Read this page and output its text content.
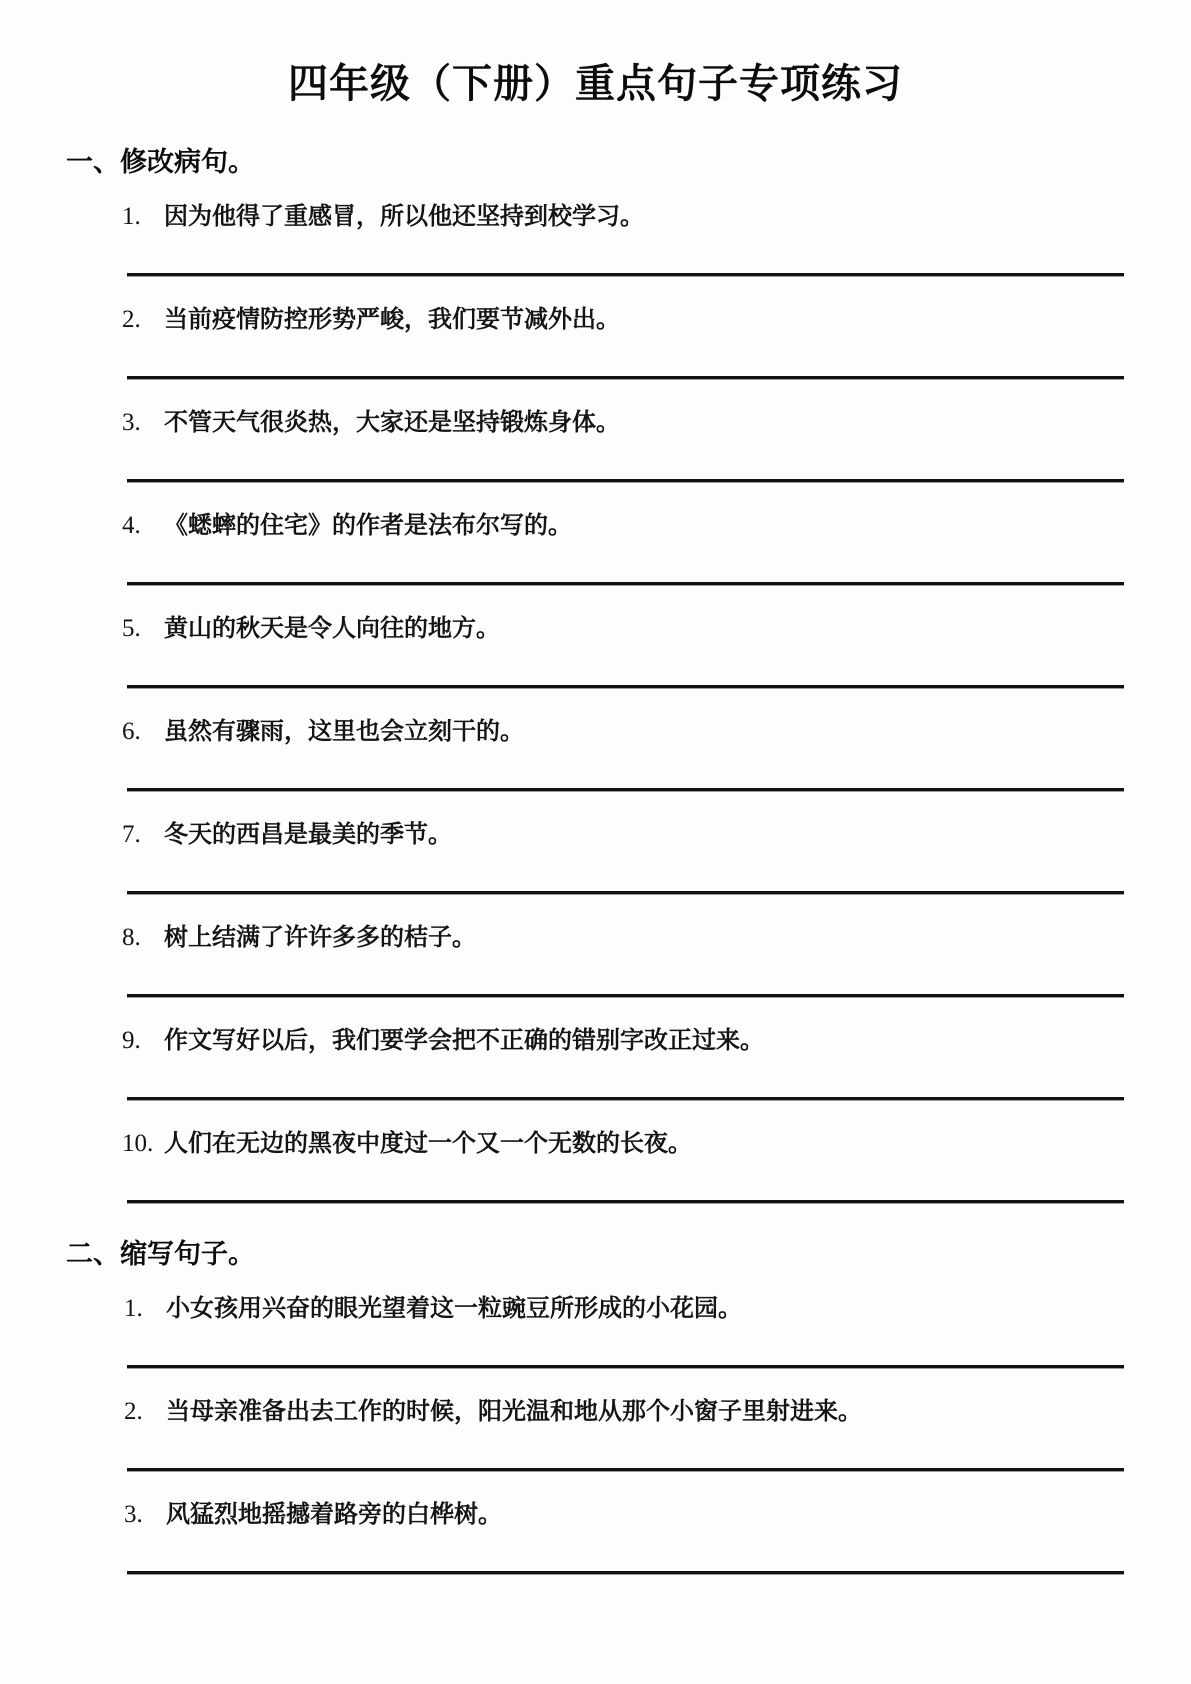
四年级（下册）重点句子专项练习
一、修改病句。
1. 因为他得了重感冒，所以他还坚持到校学习。
2. 当前疫情防控形势严峻，我们要节减外出。
3. 不管天气很炎热，大家还是坚持锻炼身体。
4. 《蟋蟀的住宅》的作者是法布尔写的。
5. 黄山的秋天是令人向往的地方。
6. 虽然有骤雨，这里也会立刻干的。
7. 冬天的西昌是最美的季节。
8. 树上结满了许许多多的桔子。
9. 作文写好以后，我们要学会把不正确的错别字改正过来。
10. 人们在无边的黑夜中度过一个又一个无数的长夜。
二、缩写句子。
1. 小女孩用兴奋的眼光望着这一粒豌豆所形成的小花园。
2. 当母亲准备出去工作的时候，阳光温和地从那个小窗子里射进来。
3. 风猛烈地摇撼着路旁的白桦树。
